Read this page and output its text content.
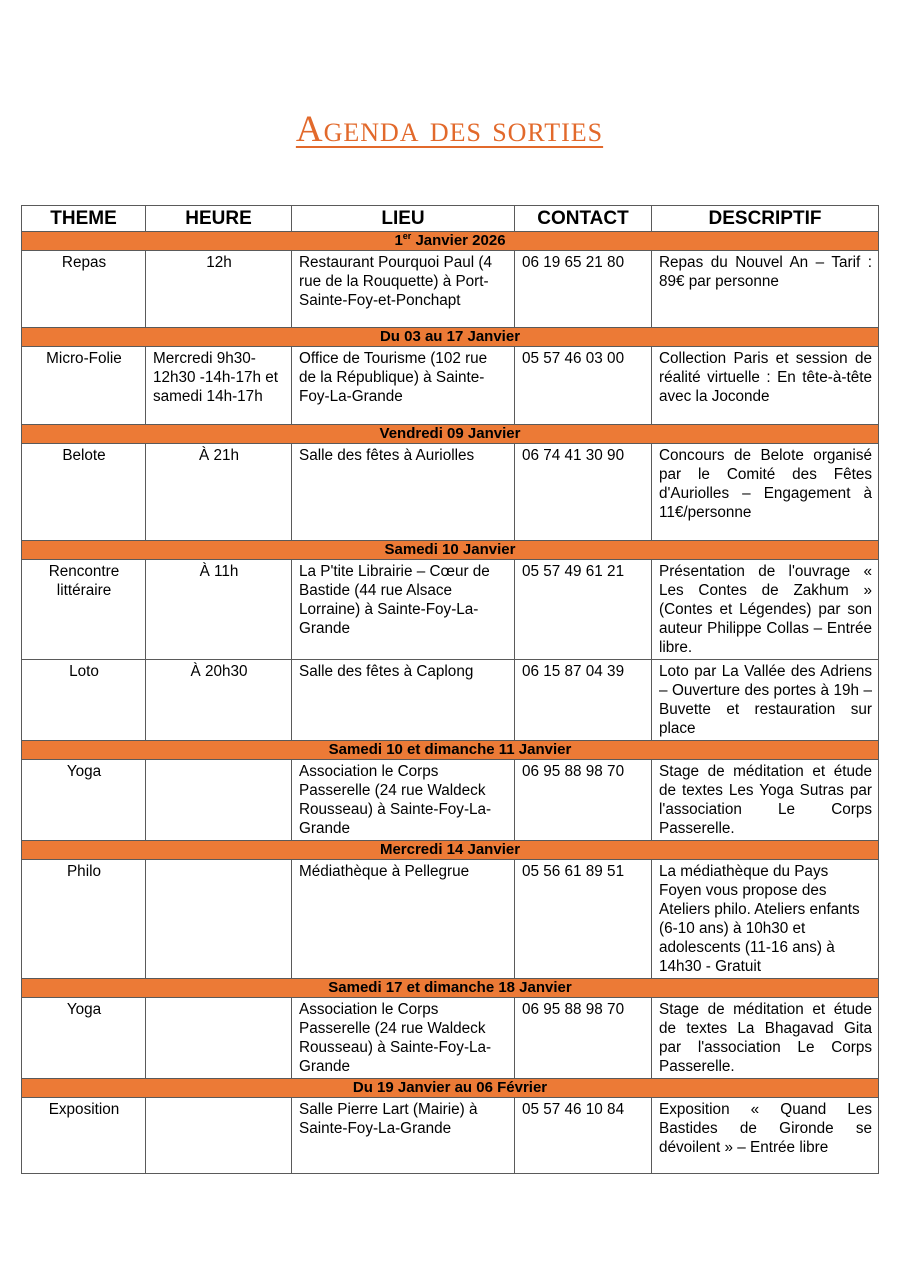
Agenda des sorties
THEME	HEURE	LIEU	CONTACT	DESCRIPTIF
1er Janvier 2026				
Repas	12h	Restaurant Pourquoi Paul (4 rue de la Rouquette) à Port-Sainte-Foy-et-Ponchapt	06 19 65 21 80	Repas du Nouvel An – Tarif : 89€ par personne
Du 03 au 17 Janvier				
Micro-Folie	Mercredi 9h30-12h30 -14h-17h et samedi 14h-17h	Office de Tourisme (102 rue de la République) à Sainte-Foy-La-Grande	05 57 46 03 00	Collection Paris et session de réalité virtuelle : En tête-à-tête avec la Joconde
Vendredi 09 Janvier				
Belote	À 21h	Salle des fêtes à Auriolles	06 74 41 30 90	Concours de Belote organisé par le Comité des Fêtes d'Auriolles – Engagement à 11€/personne
Samedi 10 Janvier				
Rencontre littéraire	À 11h	La P'tite Librairie – Cœur de Bastide (44 rue Alsace Lorraine) à Sainte-Foy-La-Grande	05 57 49 61 21	Présentation de l'ouvrage « Les Contes de Zakhum » (Contes et Légendes) par son auteur Philippe Collas – Entrée libre.
Loto	À 20h30	Salle des fêtes à Caplong	06 15 87 04 39	Loto par La Vallée des Adriens – Ouverture des portes à 19h – Buvette et restauration sur place
Samedi 10 et dimanche 11 Janvier				
Yoga		Association le Corps Passerelle (24 rue Waldeck Rousseau) à Sainte-Foy-La-Grande	06 95 88 98 70	Stage de méditation et étude de textes Les Yoga Sutras par l'association Le Corps Passerelle.
Mercredi 14 Janvier				
Philo		Médiathèque à Pellegrue	05 56 61 89 51	La médiathèque du Pays Foyen vous propose des Ateliers philo. Ateliers enfants (6-10 ans) à 10h30 et adolescents (11-16 ans) à 14h30 - Gratuit
Samedi 17 et dimanche 18 Janvier				
Yoga		Association le Corps Passerelle (24 rue Waldeck Rousseau) à Sainte-Foy-La-Grande	06 95 88 98 70	Stage de méditation et étude de textes La Bhagavad Gita par l'association Le Corps Passerelle.
Du 19 Janvier au 06 Février				
Exposition		Salle Pierre Lart (Mairie) à Sainte-Foy-La-Grande	05 57 46 10 84	Exposition « Quand Les Bastides de Gironde se dévoilent » – Entrée libre
